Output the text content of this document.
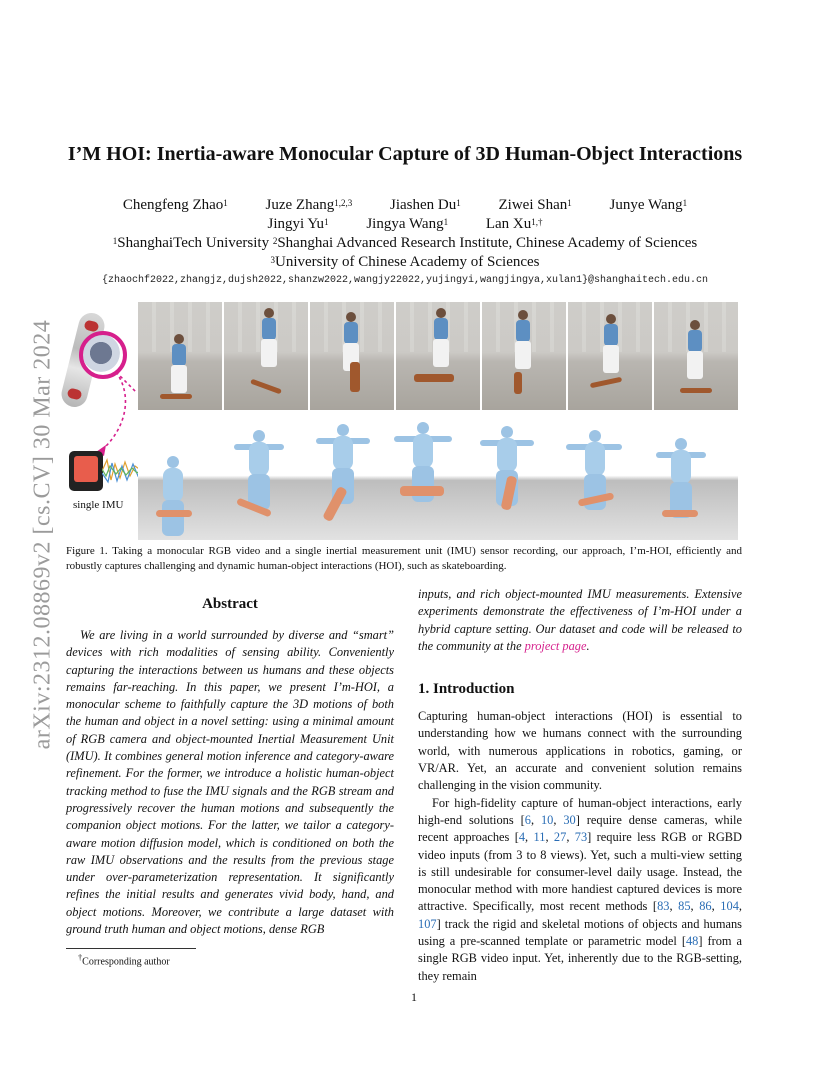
arXiv:2312.08869v2 [cs.CV] 30 Mar 2024
I’M HOI: Inertia-aware Monocular Capture of 3D Human-Object Interactions
Chengfeng Zhao$^1$	Juze Zhang$^{1,2,3}$	Jiashen Du$^1$	Ziwei Shan$^1$	Junye Wang$^1$
Jingyi Yu$^1$	Jingya Wang$^1$	Lan $Xu^{1,\dagger}$
$^1$ShanghaiTech University $^2$Shanghai Advanced Research Institute, Chinese Academy of Sciences
$^3$University of Chinese Academy of Sciences
{zhaochf2022,zhangjz,dujsh2022,shanzw2022,wangjy22022,yujingyi,wangjingya,xulan1}@shanghaitech.edu.cn
single IMU
Figure 1. Taking a monocular RGB video and a single inertial measurement unit (IMU) sensor recording, our approach, I’m-HOI, efficiently and robustly captures challenging and dynamic human-object interactions (HOI), such as skateboarding.
Abstract

We are living in a world surrounded by diverse and “smart” devices with rich modalities of sensing ability. Conveniently capturing the interactions between us humans and these objects remains far-reaching. In this paper, we present I’m-HOI, a monocular scheme to faithfully capture the 3D motions of both the human and object in a novel setting: using a minimal amount of RGB camera and object-mounted Inertial Measurement Unit (IMU). It combines general motion inference and category-aware refinement. For the former, we introduce a holistic human-object tracking method to fuse the IMU signals and the RGB stream and progressively recover the human motions and subsequently the companion object motions. For the latter, we tailor a category-aware motion diffusion model, which is conditioned on both the raw IMU observations and the results from the previous stage under over-parameterization representation. It significantly refines the initial results and generates vivid body, hand, and object motions. Moreover, we contribute a large dataset with ground truth human and object motions, dense RGB

inputs, and rich object-mounted IMU measurements. Extensive experiments demonstrate the effectiveness of I’m-HOI under a hybrid capture setting. Our dataset and code will be released to the community at the project page.

1. Introduction

Capturing human-object interactions (HOI) is essential to understanding how we humans connect with the surrounding world, with numerous applications in robotics, gaming, or VR/AR. Yet, an accurate and convenient solution remains challenging in the vision community.

For high-fidelity capture of human-object interactions, early high-end solutions [6, 10, 30] require dense cameras, while recent approaches [4, 11, 27, 73] require less RGB or RGBD video inputs (from 3 to 8 views). Yet, such a multi-view setting is still undesirable for consumer-level daily usage. Instead, the monocular method with more handiest captured devices is more attractive. Specifically, most recent methods [83, 85, 86, 104, 107] track the rigid and skeletal motions of objects and humans using a pre-scanned template or parametric model [48] from a single RGB video input. Yet, inherently due to the RGB-setting, they remain

†Corresponding author
1
